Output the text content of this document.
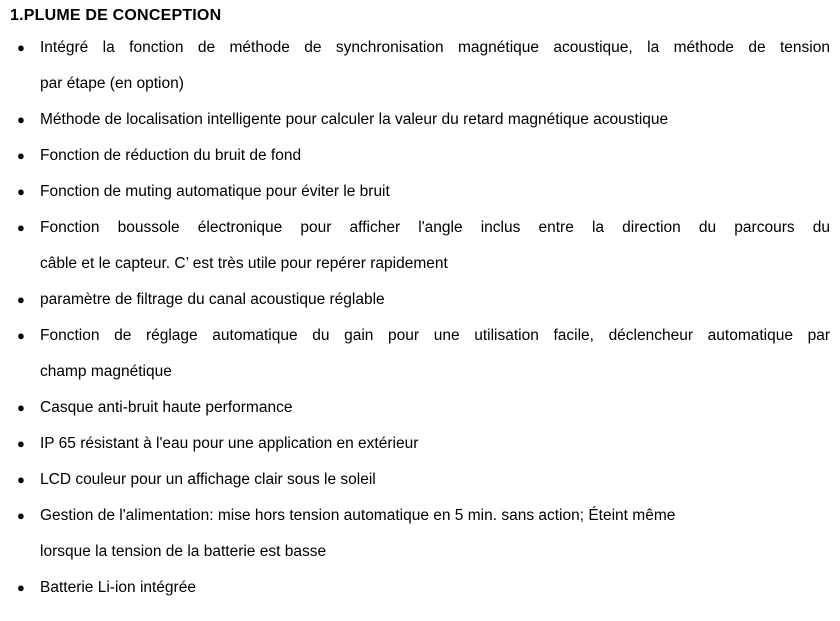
1.PLUME DE CONCEPTION
● Intégré la fonction de méthode de synchronisation magnétique acoustique, la méthode de tension
par étape (en option)
● Méthode de localisation intelligente pour calculer la valeur du retard magnétique acoustique
● Fonction de réduction du bruit de fond
● Fonction de muting automatique pour éviter le bruit
● Fonction boussole électronique pour afficher l'angle inclus entre la direction du parcours du
câble et le capteur. C’ est très utile pour repérer rapidement
● paramètre de filtrage du canal acoustique réglable
● Fonction de réglage automatique du gain pour une utilisation facile, déclencheur automatique par
champ magnétique
● Casque anti-bruit haute performance
● IP 65 résistant à l'eau pour une application en extérieur
● LCD couleur pour un affichage clair sous le soleil
● Gestion de l'alimentation: mise hors tension automatique en 5 min. sans action; Éteint même
lorsque la tension de la batterie est basse
● Batterie Li-ion intégrée
